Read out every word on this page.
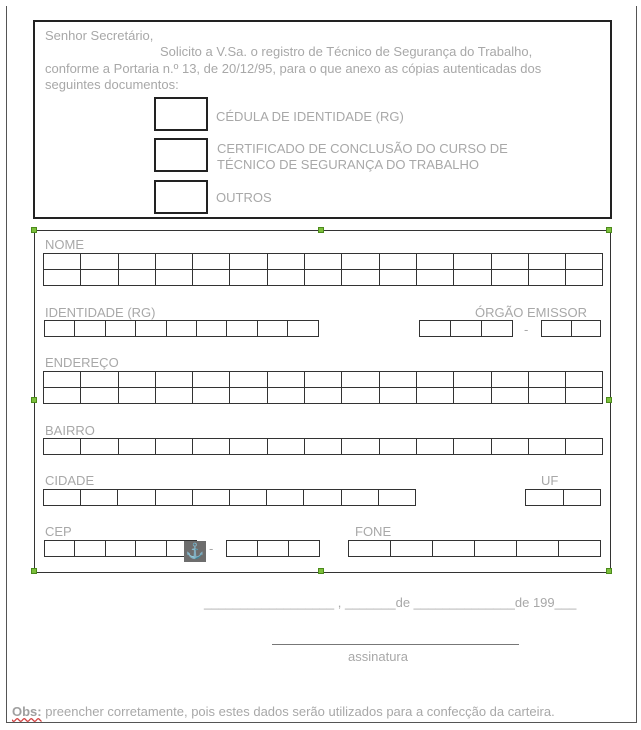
Senhor Secretário,
Solicito a V.Sa. o registro de Técnico de Segurança do Trabalho,
conforme a Portaria n.º 13, de 20/12/95, para o que anexo as cópias autenticadas dos
seguintes documentos:
CÉDULA DE IDENTIDADE (RG)
CERTIFICADO DE CONCLUSÃO DO CURSO DE
TÉCNICO DE SEGURANÇA DO TRABALHO
OUTROS
NOME
IDENTIDADE (RG)	ÓRGÃO EMISSOR
-
ENDEREÇO
BAIRRO
CIDADE	UF
CEP	FONE
-
⚓
__________________ , _______de ______________de 199___
assinatura
Obs: preencher corretamente, pois estes dados serão utilizados para a confecção da carteira.
